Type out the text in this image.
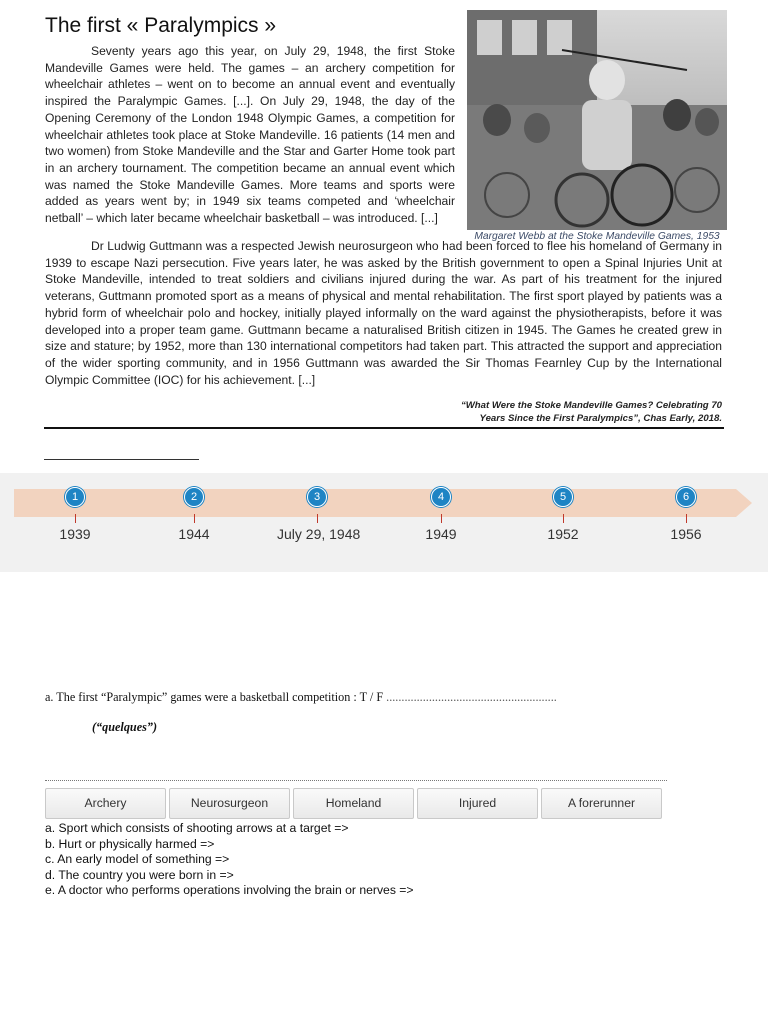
The first « Paralympics »

Seventy years ago this year, on July 29, 1948, the first Stoke Mandeville Games were held. The games – an archery competition for wheelchair athletes – went on to become an annual event and eventually inspired the Paralympic Games. [...]. On July 29, 1948, the day of the Opening Ceremony of the London 1948 Olympic Games, a competition for wheelchair athletes took place at Stoke Mandeville. 16 patients (14 men and two women) from Stoke Mandeville and the Star and Garter Home took part in an archery tournament. The competition became an annual event which was named the Stoke Mandeville Games. More teams and sports were added as years went by; in 1949 six teams competed and ‘wheelchair netball’ – which later became wheelchair basketball – was introduced. [...]

Margaret Webb at the Stoke Mandeville Games, 1953

Dr Ludwig Guttmann was a respected Jewish neurosurgeon who had been forced to flee his homeland of Germany in 1939 to escape Nazi persecution. Five years later, he was asked by the British government to open a Spinal Injuries Unit at Stoke Mandeville, intended to treat soldiers and civilians injured during the war. As part of his treatment for the injured veterans, Guttmann promoted sport as a means of physical and mental rehabilitation. The first sport played by patients was a hybrid form of wheelchair polo and hockey, initially played informally on the ward against the physiotherapists, before it was developed into a proper team game. Guttmann became a naturalised British citizen in 1945. The Games he created grew in size and stature; by 1952, more than 130 international competitors had taken part. This attracted the support and appreciation of the wider sporting community, and in 1956 Guttmann was awarded the Sir Thomas Fearnley Cup by the International Olympic Committee (IOC) for his achievement. [...]

“What Were the Stoke Mandeville Games? Celebrating 70
Years Since the First Paralympics”, Chas Early, 2018.
1
1939
2
1944
3
July 29, 1948
4
1949
5
1952
6
1956
a. The first “Paralympic” games were a basketball competition : T / F ........................................................
(“quelques”)
Archery	Neurosurgeon	Homeland	Injured	A forerunner
a. Sport which consists of shooting arrows at a target =>
b. Hurt or physically harmed =>
c. An early model of something =>
d. The country you were born in =>
e. A doctor who performs operations involving the brain or nerves =>
